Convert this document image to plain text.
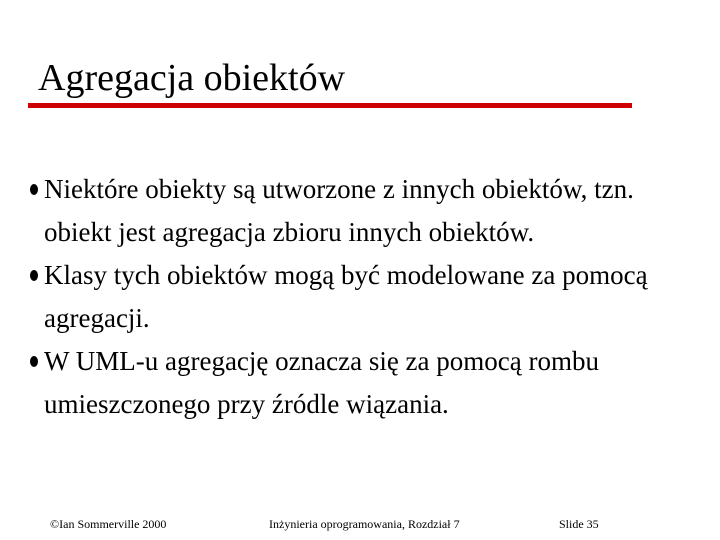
Agregacja obiektów
Niektóre obiekty są utworzone z innych obiektów, tzn. obiekt jest agregacja zbioru innych obiektów.
Klasy tych obiektów mogą być modelowane za pomocą agregacji.
W UML-u agregację oznacza się za pomocą rombu umieszczonego przy źródle wiązania.
©Ian Sommerville 2000	Inżynieria oprogramowania, Rozdział 7	Slide 35
